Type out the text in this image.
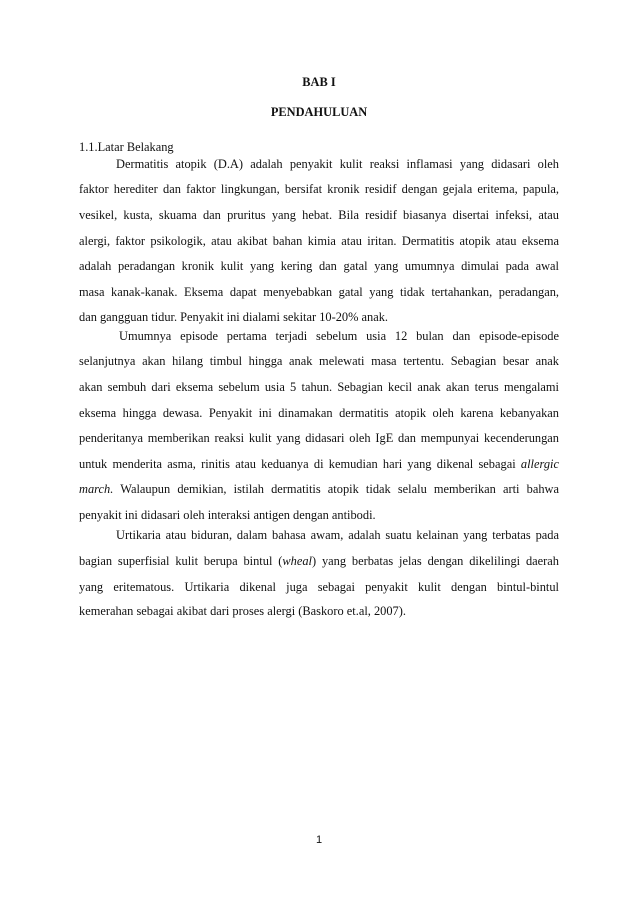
BAB I
PENDAHULUAN
1.1.Latar Belakang
Dermatitis atopik (D.A) adalah penyakit kulit reaksi inflamasi yang didasari oleh
faktor herediter dan faktor lingkungan, bersifat kronik residif dengan gejala eritema, papula,
vesikel, kusta, skuama dan pruritus yang hebat. Bila residif biasanya disertai infeksi, atau
alergi, faktor psikologik, atau akibat bahan kimia atau iritan. Dermatitis atopik atau eksema
adalah peradangan kronik kulit yang kering dan gatal yang umumnya dimulai pada awal
masa kanak-kanak. Eksema dapat menyebabkan gatal yang tidak tertahankan, peradangan,
dan gangguan tidur. Penyakit ini dialami sekitar 10-20% anak.
Umumnya episode pertama terjadi sebelum usia 12 bulan dan episode-episode
selanjutnya akan hilang timbul hingga anak melewati masa tertentu. Sebagian besar anak
akan sembuh dari eksema sebelum usia 5 tahun. Sebagian kecil anak akan terus mengalami
eksema hingga dewasa. Penyakit ini dinamakan dermatitis atopik oleh karena kebanyakan
penderitanya memberikan reaksi kulit yang didasari oleh IgE dan mempunyai kecenderungan
untuk menderita asma, rinitis atau keduanya di kemudian hari yang dikenal sebagai allergic
march. Walaupun demikian, istilah dermatitis atopik tidak selalu memberikan arti bahwa
penyakit ini didasari oleh interaksi antigen dengan antibodi.
Urtikaria atau biduran, dalam bahasa awam, adalah suatu kelainan yang terbatas pada
bagian superfisial kulit berupa bintul (wheal) yang berbatas jelas dengan dikelilingi daerah
yang eritematous. Urtikaria dikenal juga sebagai penyakit kulit dengan bintul-bintul
kemerahan sebagai akibat dari proses alergi (Baskoro et.al, 2007).
1
